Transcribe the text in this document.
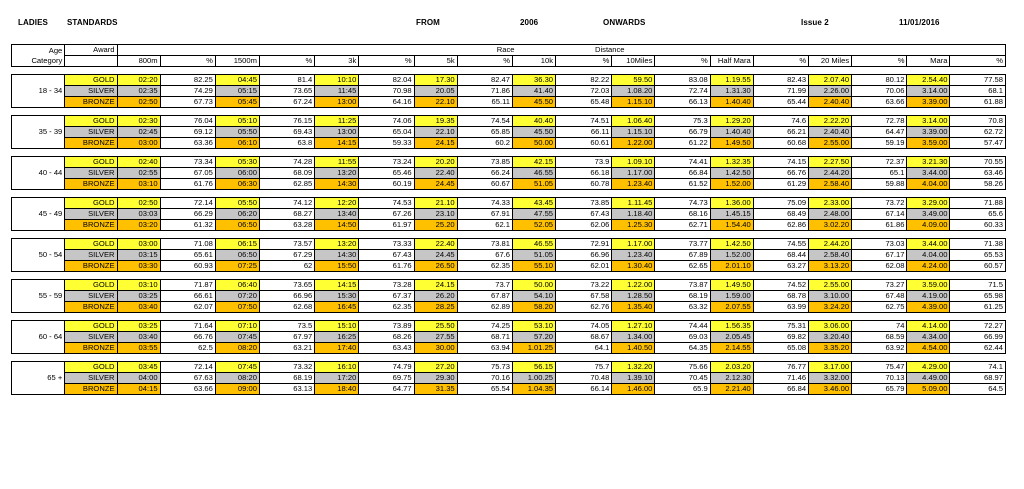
LADIES STANDARDS	FROM	2006	ONWARDS	Issue 2	11/01/2016
Age
Category	Award	Race Distance																	
		800m	%	1500m	%	3k	%	5k	%	10k	%	10Miles	%	Half Mara	%	20 Miles	%	Mara	%

18 - 34	GOLD	02:20	82.25	04:45	81.4	10:10	82.04	17.30	82.47	36.30	82.22	59.50	83.08	1.19.55	82.43	2.07.40	80.12	2.54.40	77.58
	SILVER	02:35	74.29	05:15	73.65	11:45	70.98	20.05	71.86	41.40	72.03	1.08.20	72.74	1.31.30	71.99	2.26.00	70.06	3.14.00	68.1
	BRONZE	02:50	67.73	05:45	67.24	13:00	64.16	22.10	65.11	45.50	65.48	1.15.10	66.13	1.40.40	65.44	2.40.40	63.66	3.39.00	61.88

35 - 39	GOLD	02:30	76.04	05:10	76.15	11:25	74.06	19.35	74.54	40.40	74.51	1.06.40	75.3	1.29.20	74.6	2.22.20	72.78	3.14.00	70.8
	SILVER	02:45	69.12	05:50	69.43	13:00	65.04	22.10	65.85	45.50	66.11	1.15.10	66.79	1.40.40	66.21	2.40.40	64.47	3.39.00	62.72
	BRONZE	03:00	63.36	06:10	63.8	14:15	59.33	24.15	60.2	50.00	60.61	1.22.00	61.22	1.49.50	60.68	2.55.00	59.19	3.59.00	57.47

40 - 44	GOLD	02:40	73.34	05:30	74.28	11:55	73.24	20.20	73.85	42.15	73.9	1.09.10	74.41	1.32.35	74.15	2.27.50	72.37	3.21.30	70.55
	SILVER	02:55	67.05	06:00	68.09	13:20	65.46	22.40	66.24	46.55	66.18	1.17.00	66.84	1.42.50	66.76	2.44.20	65.1	3.44.00	63.46
	BRONZE	03:10	61.76	06:30	62.85	14:30	60.19	24.45	60.67	51.05	60.78	1.23.40	61.52	1.52.00	61.29	2.58.40	59.88	4.04.00	58.26

45 - 49	GOLD	02:50	72.14	05:50	74.12	12:20	74.53	21.10	74.33	43.45	73.85	1.11.45	74.73	1.36.00	75.09	2.33.00	73.72	3.29.00	71.88
	SILVER	03:03	66.29	06:20	68.27	13:40	67.26	23.10	67.91	47.55	67.43	1.18.40	68.16	1.45.15	68.49	2.48.00	67.14	3.49.00	65.6
	BRONZE	03:20	61.32	06:50	63.28	14:50	61.97	25.20	62.1	52.05	62.06	1.25.30	62.71	1.54.40	62.86	3.02.20	61.86	4.09.00	60.33

50 - 54	GOLD	03:00	71.08	06:15	73.57	13:20	73.33	22.40	73.81	46.55	72.91	1.17.00	73.77	1.42.50	74.55	2.44.20	73.03	3.44.00	71.38
	SILVER	03:15	65.61	06:50	67.29	14:30	67.43	24.45	67.6	51.05	66.96	1.23.40	67.89	1.52.00	68.44	2.58.40	67.17	4.04.00	65.53
	BRONZE	03:30	60.93	07:25	62	15:50	61.76	26.50	62.35	55.10	62.01	1.30.40	62.65	2.01.10	63.27	3.13.20	62.08	4.24.00	60.57

55 - 59	GOLD	03:10	71.87	06:40	73.65	14:15	73.28	24.15	73.7	50.00	73.22	1.22.00	73.87	1.49.50	74.52	2.55.00	73.27	3.59.00	71.5
	SILVER	03:25	66.61	07:20	66.96	15:30	67.37	26.20	67.87	54.10	67.58	1.28.50	68.19	1.59.00	68.78	3.10.00	67.48	4.19.00	65.98
	BRONZE	03:40	62.07	07:50	62.68	16:45	62.35	28.25	62.89	58.20	62.76	1.35.40	63.32	2.07.55	63.99	3.24.20	62.75	4.39.00	61.25

60 - 64	GOLD	03:25	71.64	07:10	73.5	15:10	73.89	25.50	74.25	53.10	74.05	1.27.10	74.44	1.56.35	75.31	3.06.00	74	4.14.00	72.27
	SILVER	03:40	66.76	07:45	67.97	16:25	68.26	27.55	68.71	57.20	68.67	1.34.00	69.03	2.05.45	69.82	3.20.40	68.59	4.34.00	66.99
	BRONZE	03:55	62.5	08:20	63.21	17:40	63.43	30.00	63.94	1.01.25	64.1	1.40.50	64.35	2.14.55	65.08	3.35.20	63.92	4.54.00	62.44

65 +	GOLD	03:45	72.14	07:45	73.32	16:10	74.79	27.20	75.73	56.15	75.7	1.32.20	75.66	2.03.20	76.77	3.17.00	75.47	4.29.00	74.1
	SILVER	04:00	67.63	08:20	68.19	17:20	69.75	29.30	70.16	1.00.25	70.48	1.39.10	70.45	2.12.30	71.46	3.32.00	70.13	4.49.00	68.97
	BRONZE	04:15	63.66	09:00	63.13	18:40	64.77	31.35	65.54	1.04.35	66.14	1.46.00	65.9	2.21.40	66.84	3.46.00	65.79	5.09.00	64.5
